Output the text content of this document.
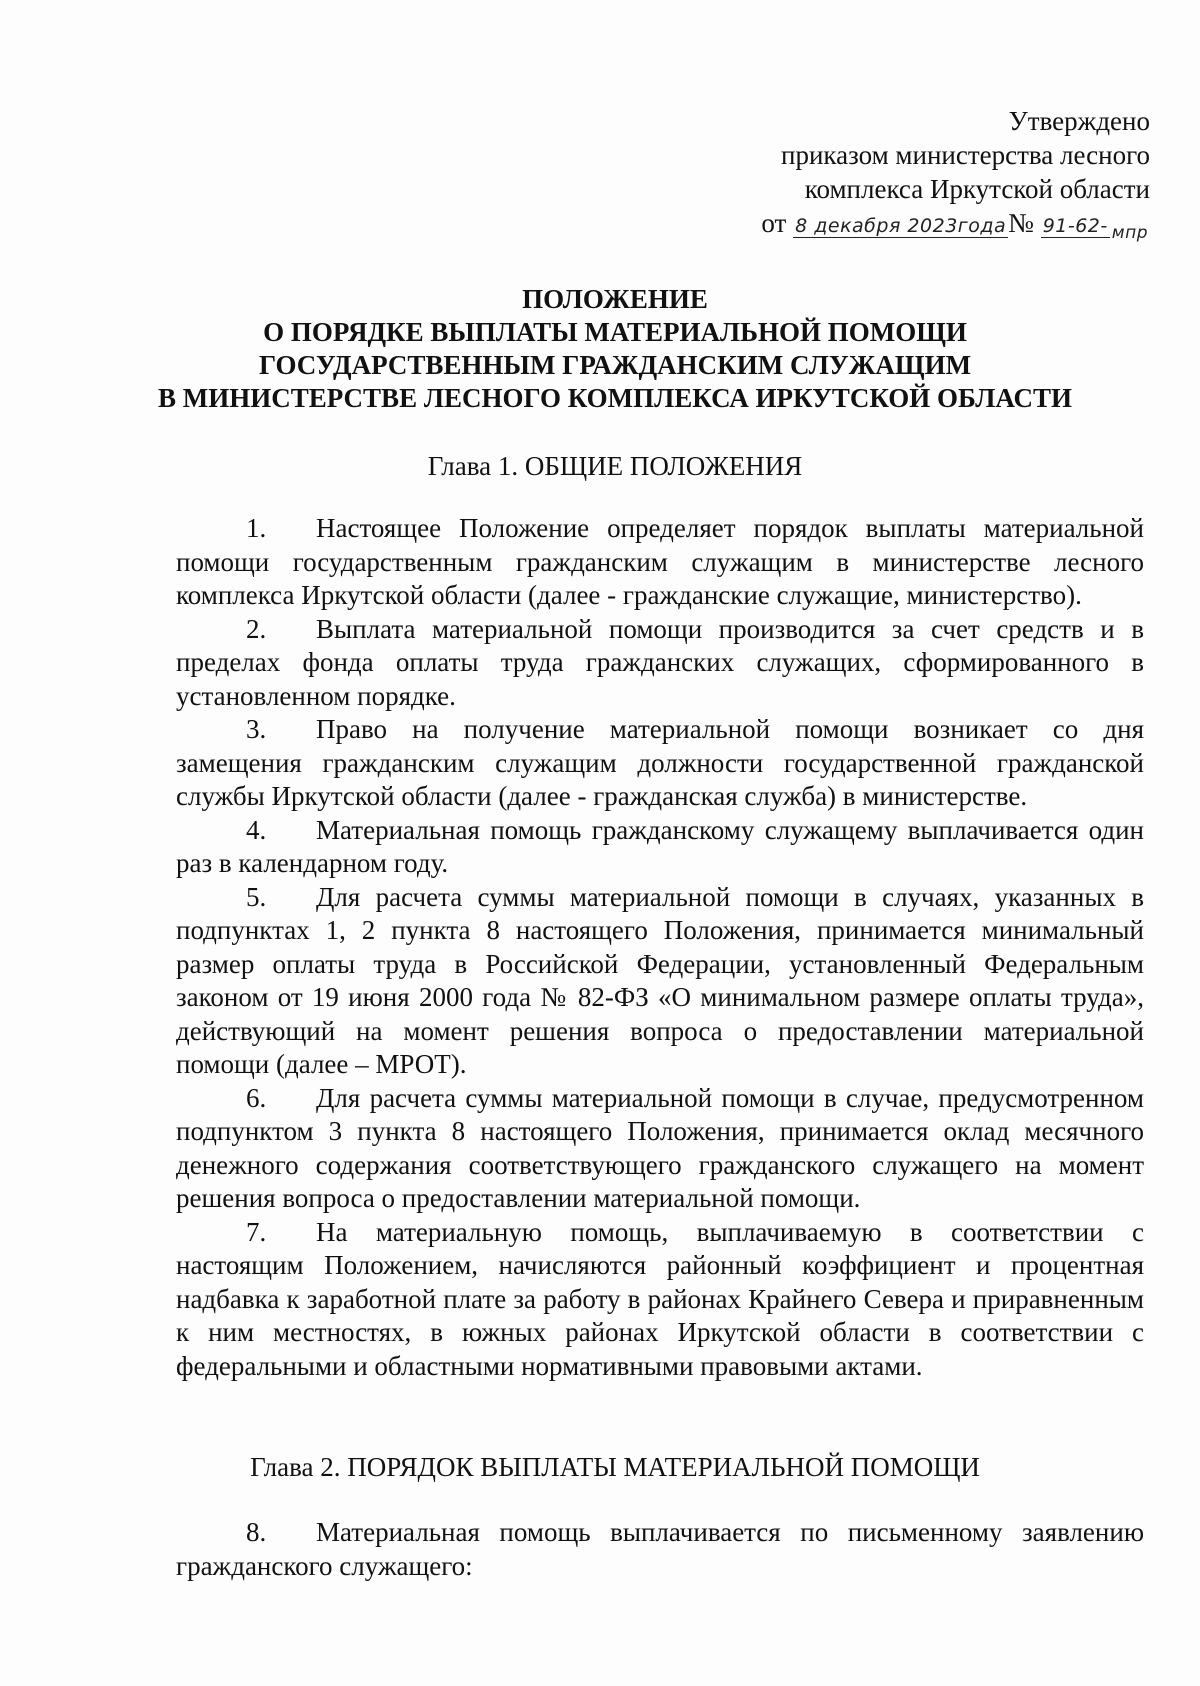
Утверждено
приказом министерства лесного
комплекса Иркутской области
от 8 декабря 2023года№ 91-62- $_{мпр}$
ПОЛОЖЕНИЕ
О ПОРЯДКЕ ВЫПЛАТЫ МАТЕРИАЛЬНОЙ ПОМОЩИ
ГОСУДАРСТВЕННЫМ ГРАЖДАНСКИМ СЛУЖАЩИМ
В МИНИСТЕРСТВЕ ЛЕСНОГО КОМПЛЕКСА ИРКУТСКОЙ ОБЛАСТИ
Глава 1. ОБЩИЕ ПОЛОЖЕНИЯ

1. Настоящее Положение определяет порядок выплаты материальной помощи государственным гражданским служащим в министерстве лесного комплекса Иркутской области (далее - гражданские служащие, министерство).

2. Выплата материальной помощи производится за счет средств и в пределах фонда оплаты труда гражданских служащих, сформированного в установленном порядке.

3. Право на получение материальной помощи возникает со дня замещения гражданским служащим должности государственной гражданской службы Иркутской области (далее - гражданская служба) в министерстве.

4. Материальная помощь гражданскому служащему выплачивается один раз в календарном году.

5. Для расчета суммы материальной помощи в случаях, указанных в подпунктах 1, 2 пункта 8 настоящего Положения, принимается минимальный размер оплаты труда в Российской Федерации, установленный Федеральным законом от 19 июня 2000 года № 82-ФЗ «О минимальном размере оплаты труда», действующий на момент решения вопроса о предоставлении материальной помощи (далее – МРОТ).

6. Для расчета суммы материальной помощи в случае, предусмотренном подпунктом 3 пункта 8 настоящего Положения, принимается оклад месячного денежного содержания соответствующего гражданского служащего на момент решения вопроса о предоставлении материальной помощи.

7. На материальную помощь, выплачиваемую в соответствии с настоящим Положением, начисляются районный коэффициент и процентная надбавка к заработной плате за работу в районах Крайнего Севера и приравненным к ним местностях, в южных районах Иркутской области в соответствии с федеральными и областными нормативными правовыми актами.

Глава 2. ПОРЯДОК ВЫПЛАТЫ МАТЕРИАЛЬНОЙ ПОМОЩИ

8. Материальная помощь выплачивается по письменному заявлению гражданского служащего:
